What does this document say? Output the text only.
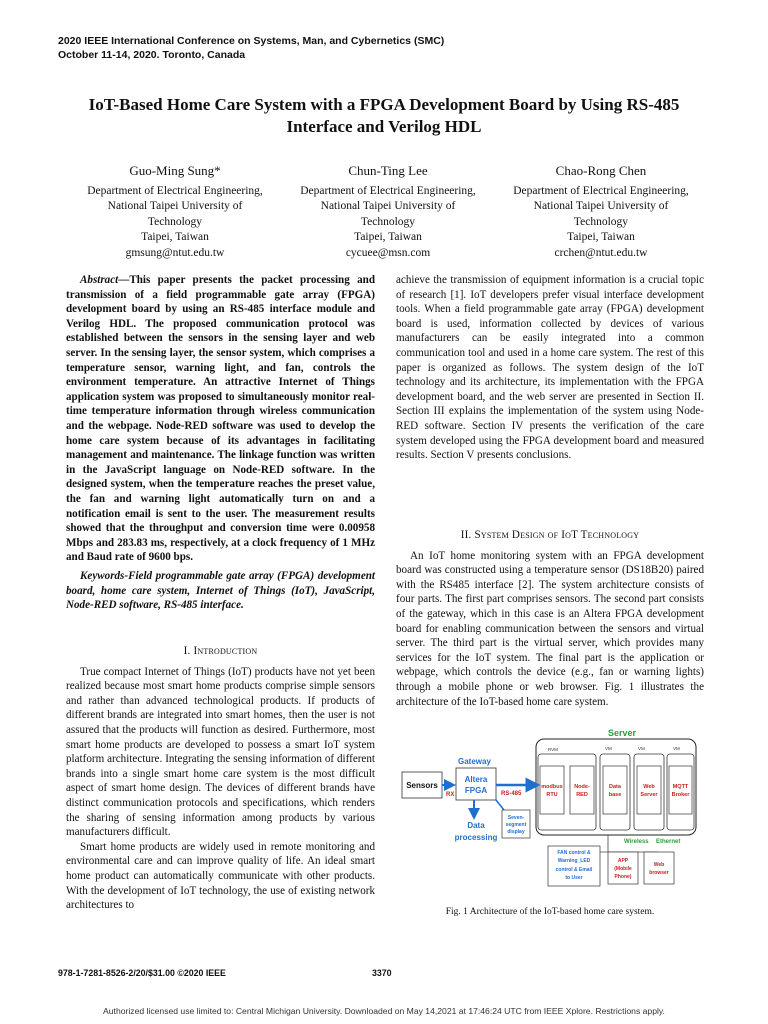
2020 IEEE International Conference on Systems, Man, and Cybernetics (SMC)
October 11-14, 2020. Toronto, Canada
IoT-Based Home Care System with a FPGA Development Board by Using RS-485
Interface and Verilog HDL
Guo-Ming Sung*
Department of Electrical Engineering,
National Taipei University of
Technology
Taipei, Taiwan
gmsung@ntut.edu.tw
Chun-Ting Lee
Department of Electrical Engineering,
National Taipei University of
Technology
Taipei, Taiwan
cycuee@msn.com
Chao-Rong Chen
Department of Electrical Engineering,
National Taipei University of
Technology
Taipei, Taiwan
crchen@ntut.edu.tw

Abstract—This paper presents the packet processing and transmission of a field programmable gate array (FPGA) development board by using an RS-485 interface module and Verilog HDL. The proposed communication protocol was established between the sensors in the sensing layer and web server. In the sensing layer, the sensor system, which comprises a temperature sensor, warning light, and fan, controls the environment temperature. An attractive Internet of Things application system was proposed to simultaneously monitor real-time temperature information through wireless communication and the webpage. Node-RED software was used to develop the home care system because of its advantages in facilitating management and maintenance. The linkage function was written in the JavaScript language on Node-RED software. In the designed system, when the temperature reaches the preset value, the fan and warning light automatically turn on and a notification email is sent to the user. The measurement results showed that the throughput and conversion time were 0.00958 Mbps and 283.83 ms, respectively, at a clock frequency of 1 MHz and Baud rate of 9600 bps.

Keywords-Field programmable gate array (FPGA) development board, home care system, Internet of Things (IoT), JavaScript, Node-RED software, RS-485 interface.
I. Introduction

True compact Internet of Things (IoT) products have not yet been realized because most smart home products comprise simple sensors and rather than advanced technological products. If products of different brands are integrated into smart homes, then the user is not assured that the products will function as desired. Furthermore, most smart home products are developed to possess a smart IoT system platform architecture. Integrating the sensing information of different brands into a single smart home care system is the most difficult aspect of smart home design. The devices of different brands have distinct communication protocols and specifications, which renders the sharing of sensing information among products by various manufacturers difficult.

Smart home products are widely used in remote monitoring and environmental care and can improve quality of life. An ideal smart home product can automatically communicate with other products. With the development of IoT technology, the use of existing network architectures to

achieve the transmission of equipment information is a crucial topic of research [1]. IoT developers prefer visual interface development tools. When a field programmable gate array (FPGA) development board is used, information collected by devices of various manufacturers can be easily integrated into a common communication tool and used in a home care system. The rest of this paper is organized as follows. The system design of the IoT technology and its architecture, its implementation with the FPGA development board, and the web server are presented in Section II. Section III explains the implementation of the system using Node-RED software. Section IV presents the verification of the care system developed using the FPGA development board and measured results. Section V presents conclusions.

II. System Design of IoT Technology

An IoT home monitoring system with an FPGA development board was constructed using a temperature sensor (DS18B20) paired with the RS485 interface [2]. The system architecture consists of four parts. The first part comprises sensors. The second part consists of the gateway, which in this case is an Altera FPGA development board for enabling communication between the sensors and virtual server. The third part is the virtual server, which provides many services for the IoT system. The final part is the application or webpage, which controls the device (e.g., fan or warning lights) through a mobile phone or web browser. Fig. 1 illustrates the architecture of the IoT-based home care system.

Server
RVM	VM	VM	VM
modbus
RTU
Node-
RED
Data
base
Web
Server
MQTT
Broker
Sensors
Gateway
Altera
FPGA
RX	RS-485
Data
processing
Seven-
segment
display
Wireless Ethernet
FAN control &
Warning_LED
control & Email
to User
APP
(Mobile
Phone)
Web
browser
Fig. 1 Architecture of the IoT-based home care system.
978-1-7281-8526-2/20/$31.00 ©2020 IEEE	3370
Authorized licensed use limited to: Central Michigan University. Downloaded on May 14,2021 at 17:46:24 UTC from IEEE Xplore. Restrictions apply.
